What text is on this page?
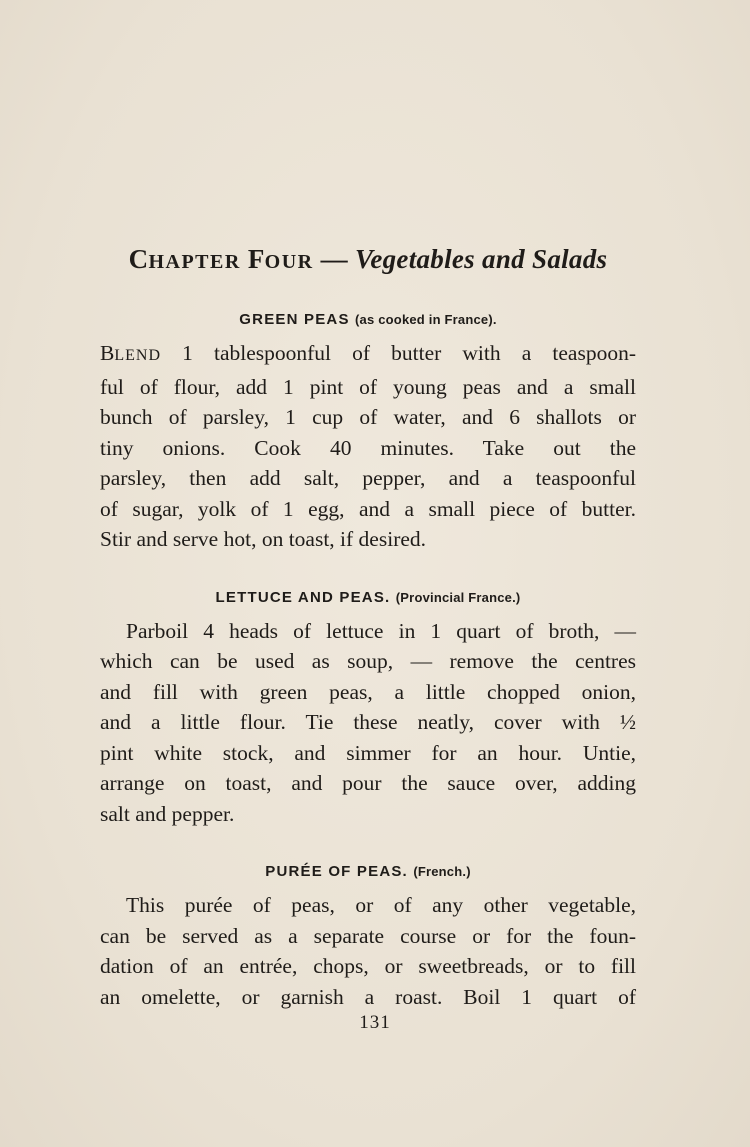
CHAPTER FOUR — Vegetables and Salads
GREEN PEAS (as cooked in France).
BLEND 1 tablespoonful of butter with a teaspoon-
ful of flour, add 1 pint of young peas and a small
bunch of parsley, 1 cup of water, and 6 shallots or
tiny onions. Cook 40 minutes. Take out the
parsley, then add salt, pepper, and a teaspoonful
of sugar, yolk of 1 egg, and a small piece of butter.
Stir and serve hot, on toast, if desired.
LETTUCE AND PEAS. (Provincial France.)
Parboil 4 heads of lettuce in 1 quart of broth, —
which can be used as soup, — remove the centres
and fill with green peas, a little chopped onion,
and a little flour. Tie these neatly, cover with ½
pint white stock, and simmer for an hour. Untie,
arrange on toast, and pour the sauce over, adding
salt and pepper.
PURÉE OF PEAS. (French.)
This purée of peas, or of any other vegetable,
can be served as a separate course or for the foun-
dation of an entrée, chops, or sweetbreads, or to fill
an omelette, or garnish a roast. Boil 1 quart of
131
